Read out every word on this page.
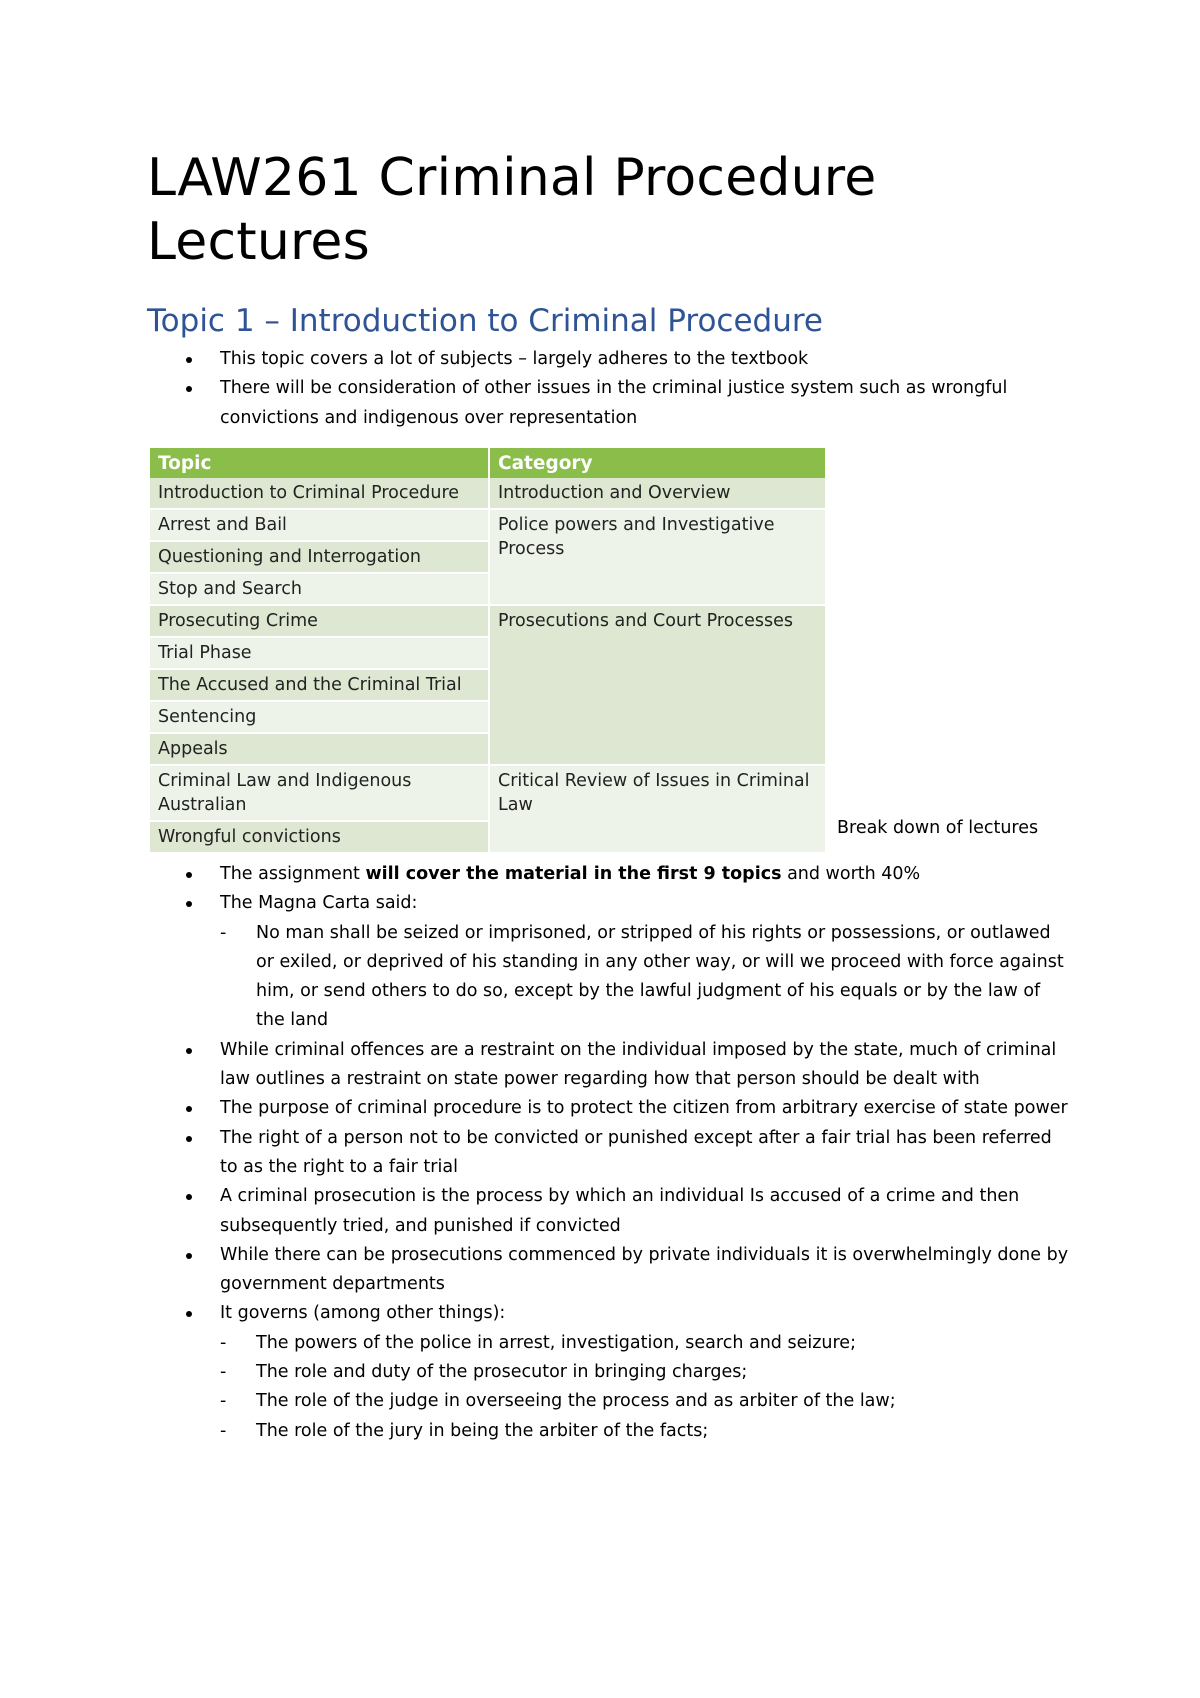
LAW261 Criminal Procedure Lectures
Topic 1 – Introduction to Criminal Procedure
This topic covers a lot of subjects – largely adheres to the textbook
There will be consideration of other issues in the criminal justice system such as wrongful convictions and indigenous over representation
Topic	Category
Introduction to Criminal Procedure	Introduction and Overview
Arrest and Bail	Police powers and Investigative Process
Questioning and Interrogation	
Stop and Search	
Prosecuting Crime	Prosecutions and Court Processes
Trial Phase	
The Accused and the Criminal Trial	
Sentencing	
Appeals	
Criminal Law and Indigenous Australian	Critical Review of Issues in Criminal Law
Wrongful convictions		Break down of lectures
The assignment will cover the material in the first 9 topics and worth 40%
The Magna Carta said:
- No man shall be seized or imprisoned, or stripped of his rights or possessions, or outlawed or exiled, or deprived of his standing in any other way, or will we proceed with force against him, or send others to do so, except by the lawful judgment of his equals or by the law of the land
While criminal offences are a restraint on the individual imposed by the state, much of criminal law outlines a restraint on state power regarding how that person should be dealt with
The purpose of criminal procedure is to protect the citizen from arbitrary exercise of state power
The right of a person not to be convicted or punished except after a fair trial has been referred to as the right to a fair trial
A criminal prosecution is the process by which an individual Is accused of a crime and then subsequently tried, and punished if convicted
While there can be prosecutions commenced by private individuals it is overwhelmingly done by government departments
It governs (among other things):
- The powers of the police in arrest, investigation, search and seizure;
- The role and duty of the prosecutor in bringing charges;
- The role of the judge in overseeing the process and as arbiter of the law;
- The role of the jury in being the arbiter of the facts;
